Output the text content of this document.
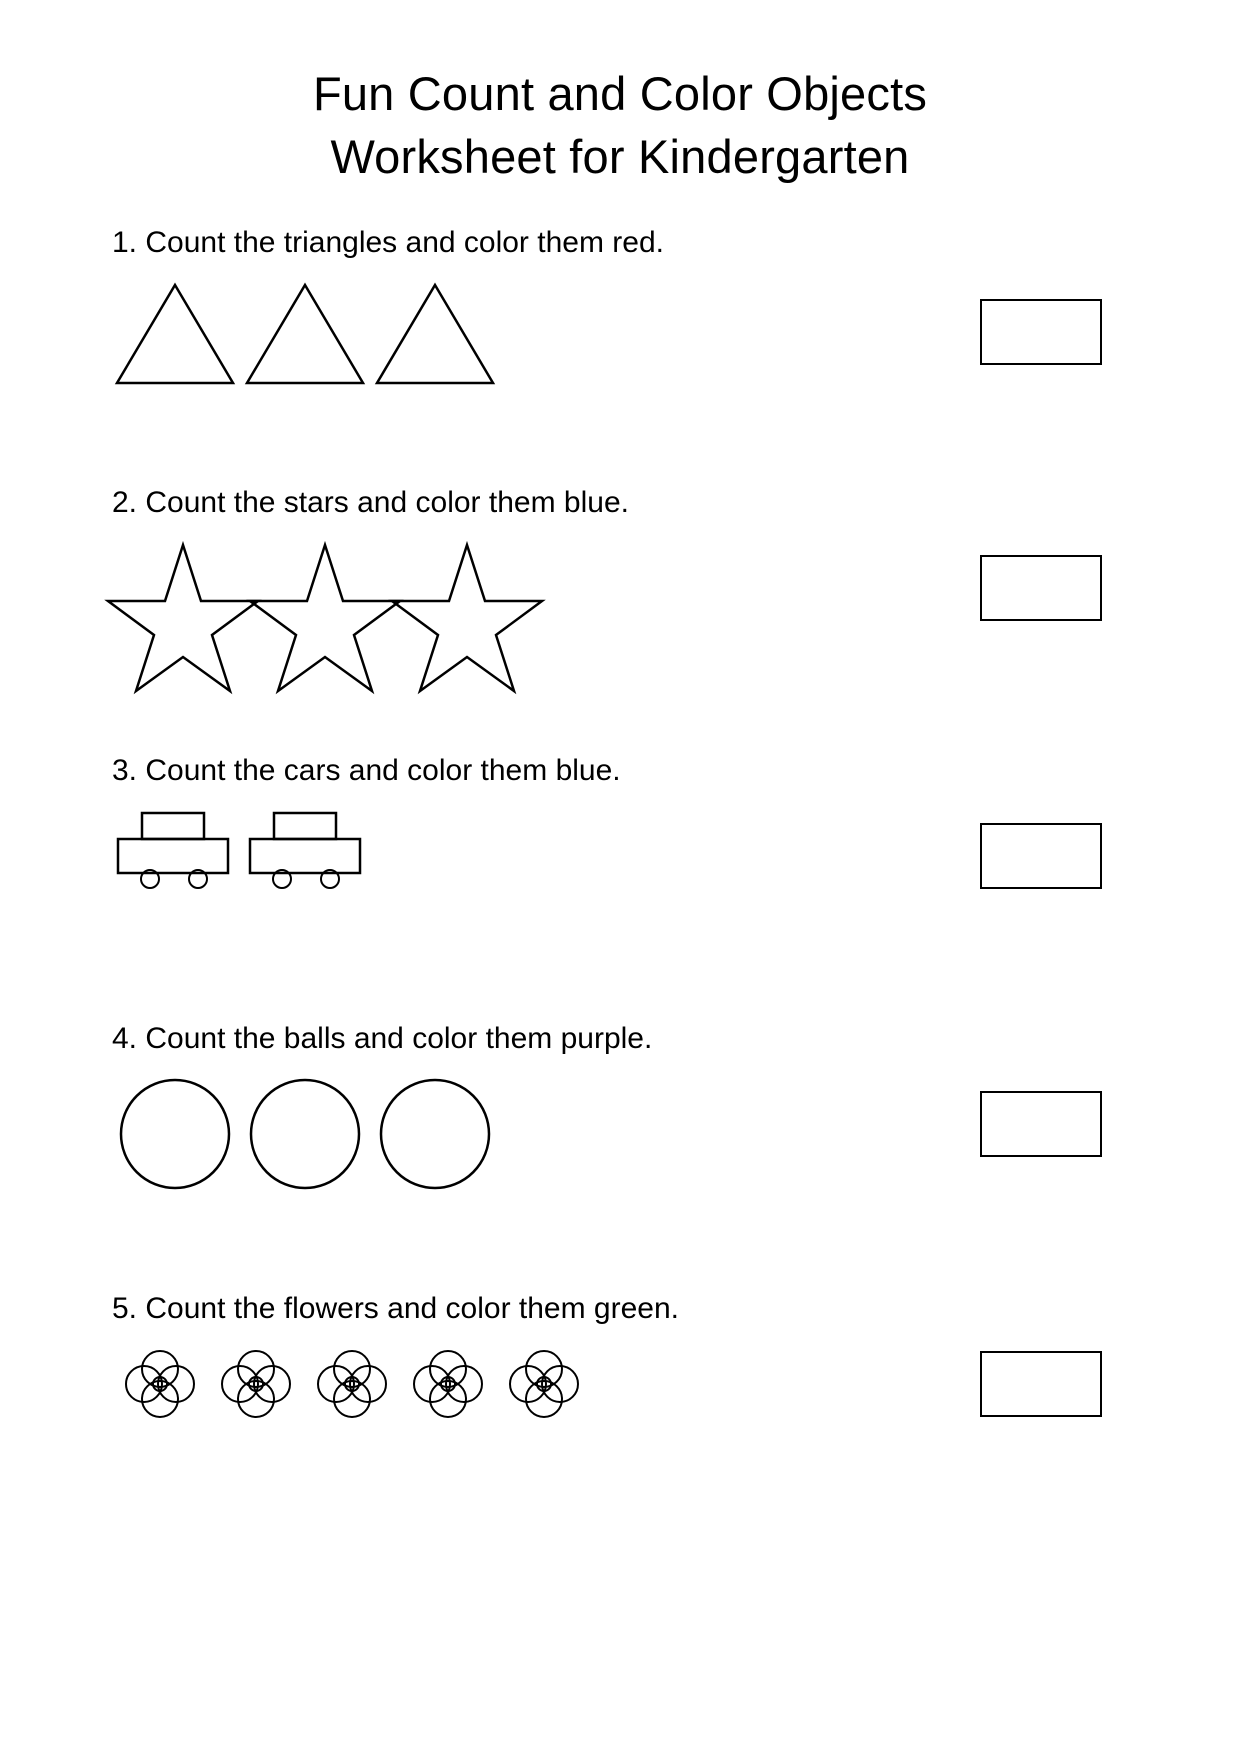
Fun Count and Color Objects
Worksheet for Kindergarten

1. Count the triangles and color them red.

2. Count the stars and color them blue.

3. Count the cars and color them blue.

4. Count the balls and color them purple.

5. Count the flowers and color them green.
